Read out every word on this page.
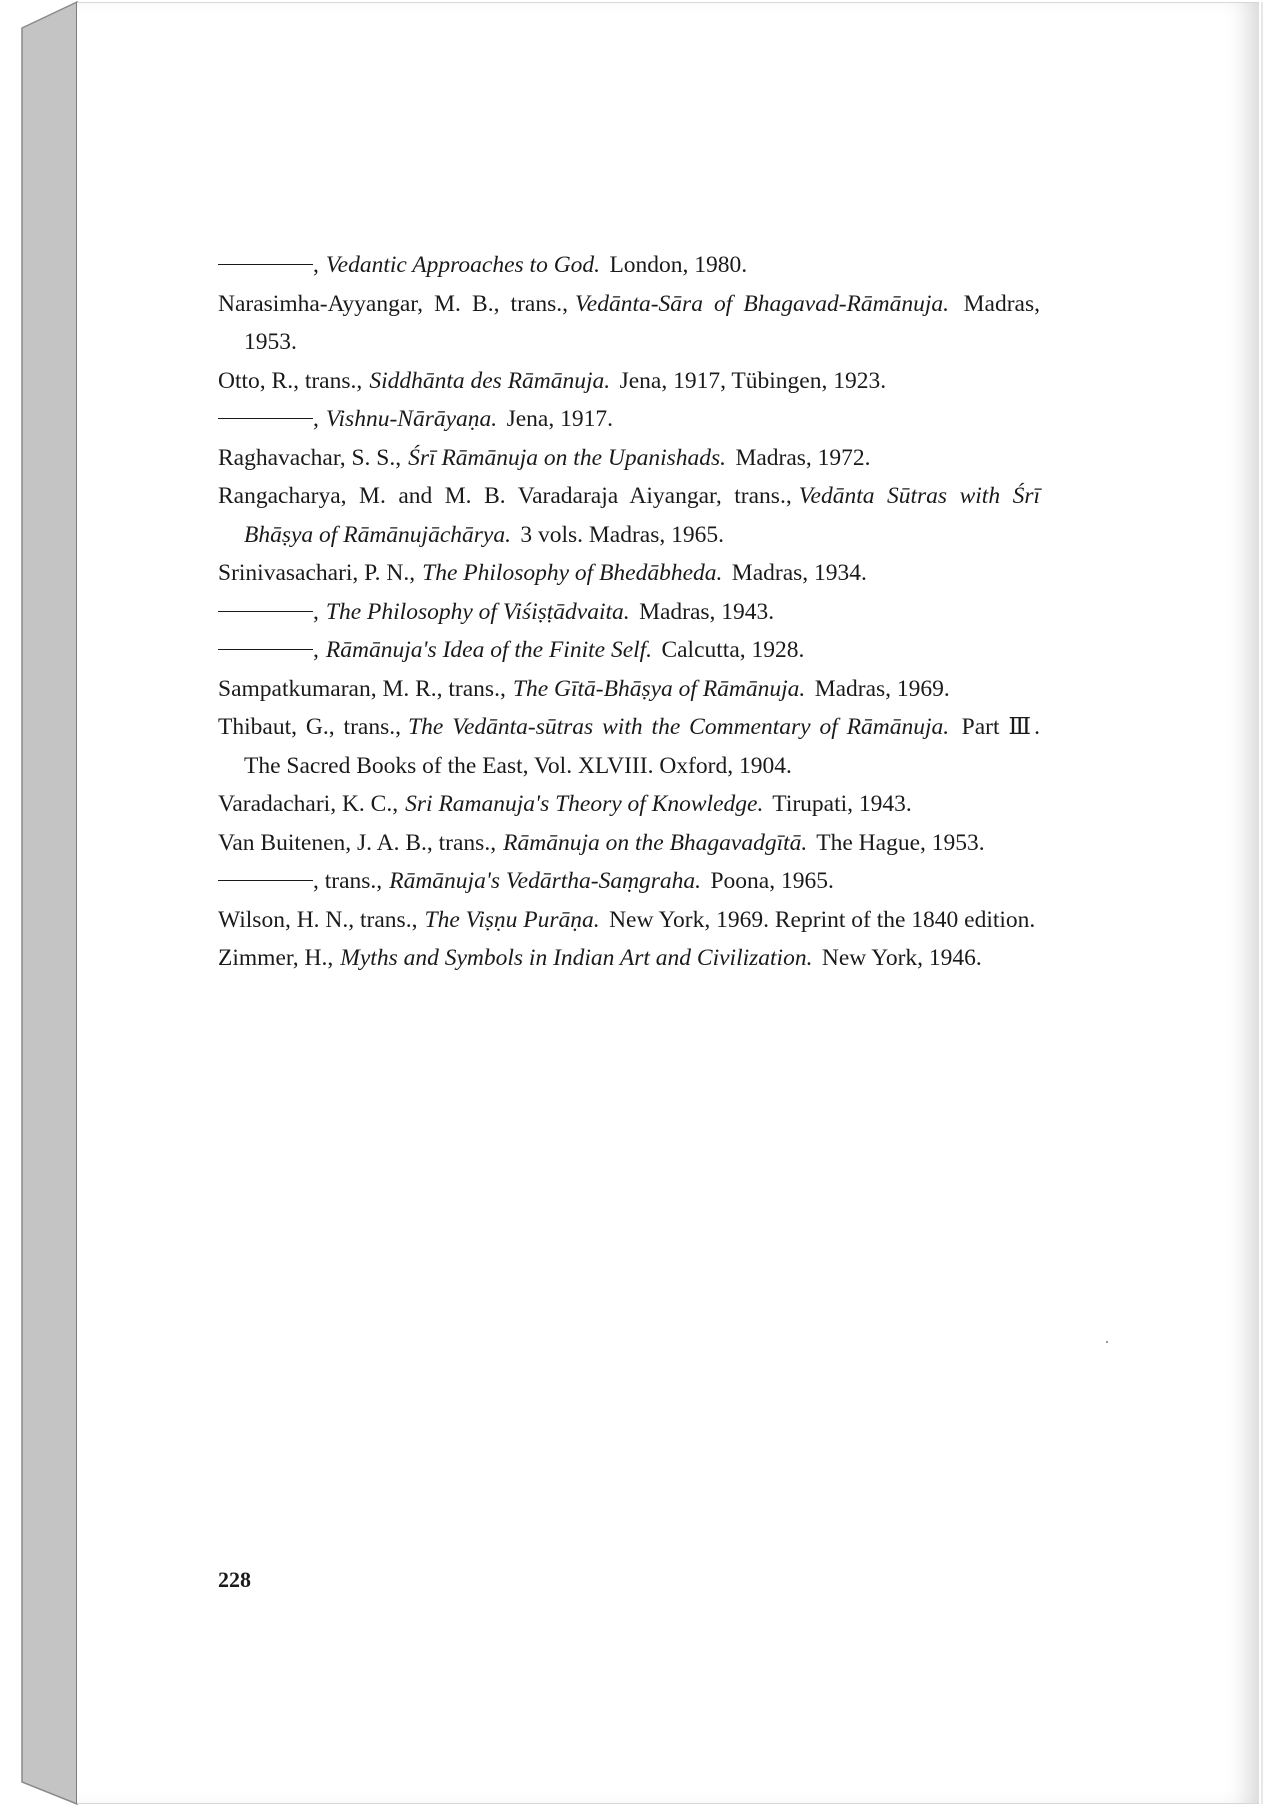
, Vedantic Approaches to God. London, 1980.

Narasimha-Ayyangar, M. B., trans., Vedānta-Sāra of Bhagavad-Rāmānuja. Madras, 1953.

Otto, R., trans., Siddhānta des Rāmānuja. Jena, 1917, Tübingen, 1923.

, Vishnu-Nārāyaṇa. Jena, 1917.

Raghavachar, S. S., Śrī Rāmānuja on the Upanishads. Madras, 1972.

Rangacharya, M. and M. B. Varadaraja Aiyangar, trans., Vedānta Sūtras with Śrī Bhāṣya of Rāmānujāchārya. 3 vols. Madras, 1965.

Srinivasachari, P. N., The Philosophy of Bhedābheda. Madras, 1934.

, The Philosophy of Viśiṣṭādvaita. Madras, 1943.

, Rāmānuja's Idea of the Finite Self. Calcutta, 1928.

Sampatkumaran, M. R., trans., The Gītā-Bhāṣya of Rāmānuja. Madras, 1969.

Thibaut, G., trans., The Vedānta-sūtras with the Commentary of Rāmānuja. Part Ⅲ. The Sacred Books of the East, Vol. XLVIII. Oxford, 1904.

Varadachari, K. C., Sri Ramanuja's Theory of Knowledge. Tirupati, 1943.

Van Buitenen, J. A. B., trans., Rāmānuja on the Bhagavadgītā. The Hague, 1953.

, trans., Rāmānuja's Vedārtha-Saṃgraha. Poona, 1965.

Wilson, H. N., trans., The Viṣṇu Purāṇa. New York, 1969. Reprint of the 1840 edition.

Zimmer, H., Myths and Symbols in Indian Art and Civilization. New York, 1946.

228
